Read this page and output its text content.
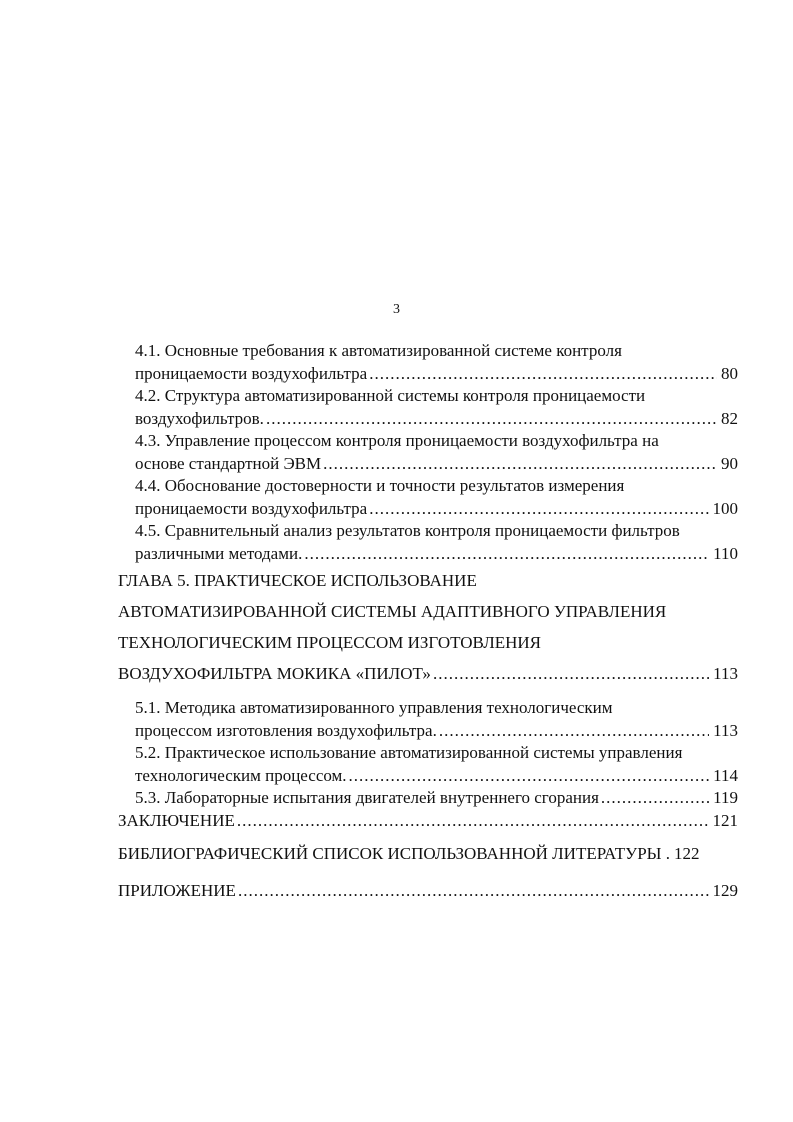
3
4.1. Основные требования к автоматизированной системе контроля
проницаемости воздухофильтра .....	80
4.2. Структура автоматизированной системы контроля проницаемости
воздухофильтров. .....	82
4.3. Управление процессом контроля проницаемости воздухофильтра на
основе стандартной ЭВМ .....	90
4.4. Обоснование достоверности и точности результатов измерения
проницаемости воздухофильтра .....	100
4.5. Сравнительный анализ результатов контроля проницаемости фильтров
различными методами. .....	110
ГЛАВА 5. ПРАКТИЧЕСКОЕ ИСПОЛЬЗОВАНИЕ
АВТОМАТИЗИРОВАННОЙ СИСТЕМЫ АДАПТИВНОГО УПРАВЛЕНИЯ
ТЕХНОЛОГИЧЕСКИМ ПРОЦЕССОМ ИЗГОТОВЛЕНИЯ
ВОЗДУХОФИЛЬТРА МОКИКА «ПИЛОТ» .....	113
5.1. Методика автоматизированного управления технологическим
процессом изготовления воздухофильтра. .....	113
5.2. Практическое использование автоматизированной системы управления
технологическим процессом. .....	114
5.3. Лабораторные испытания двигателей внутреннего сгорания .....	119
ЗАКЛЮЧЕНИЕ .....	121
БИБЛИОГРАФИЧЕСКИЙ СПИСОК ИСПОЛЬЗОВАННОЙ ЛИТЕРАТУРЫ . 122
ПРИЛОЖЕНИЕ .....	129
